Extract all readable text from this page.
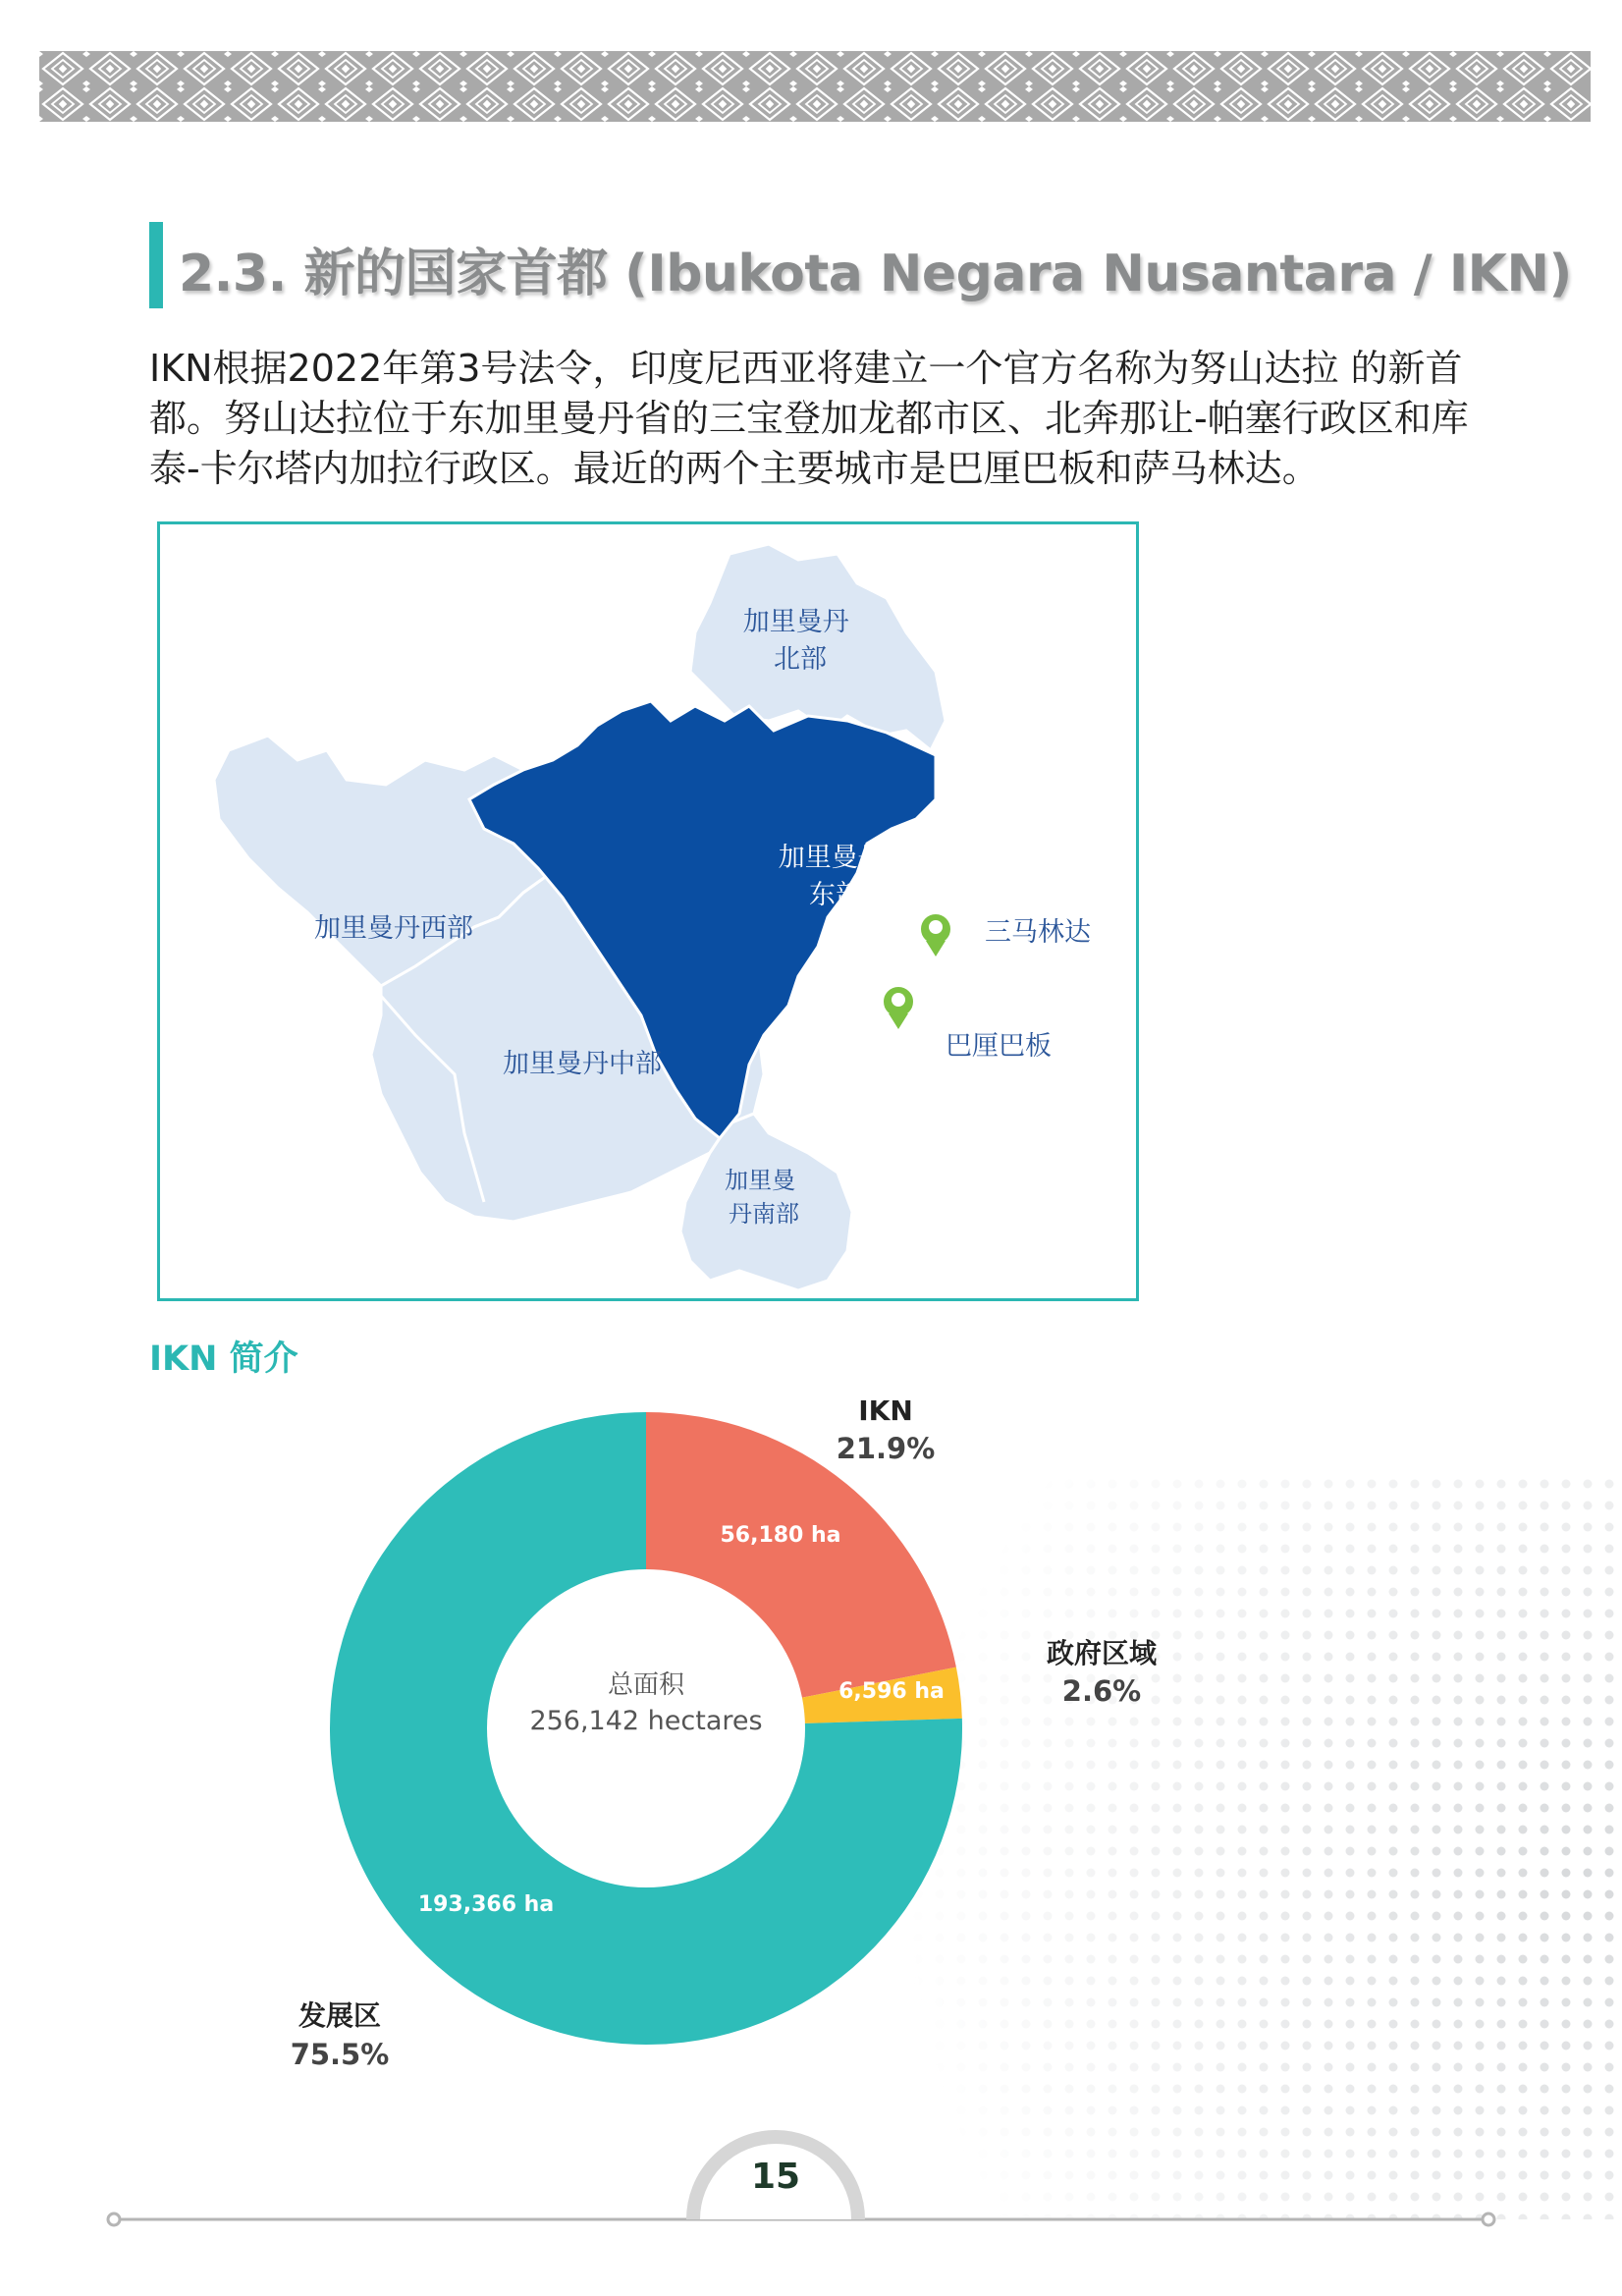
2.3. 新的国家首都 (Ibukota Negara Nusantara / IKN)

IKN根据2022年第3号法令，印度尼西亚将建立一个官方名称为努山达拉 的新首都。努山达拉位于东加里曼丹省的三宝登加龙都市区、北奔那让-帕塞行政区和库泰-卡尔塔内加拉行政区。最近的两个主要城市是巴厘巴板和萨马林达。

加里曼丹 北部
加里曼丹 东部
加里曼丹西部
加里曼丹中部
加里曼 丹南部
三马林达
巴厘巴板
IKN 简介
总面积
256,142 hectares
56,180 ha
6,596 ha
193,366 ha
IKN
21.9%
政府区域
2.6%
发展区
75.5%
15
